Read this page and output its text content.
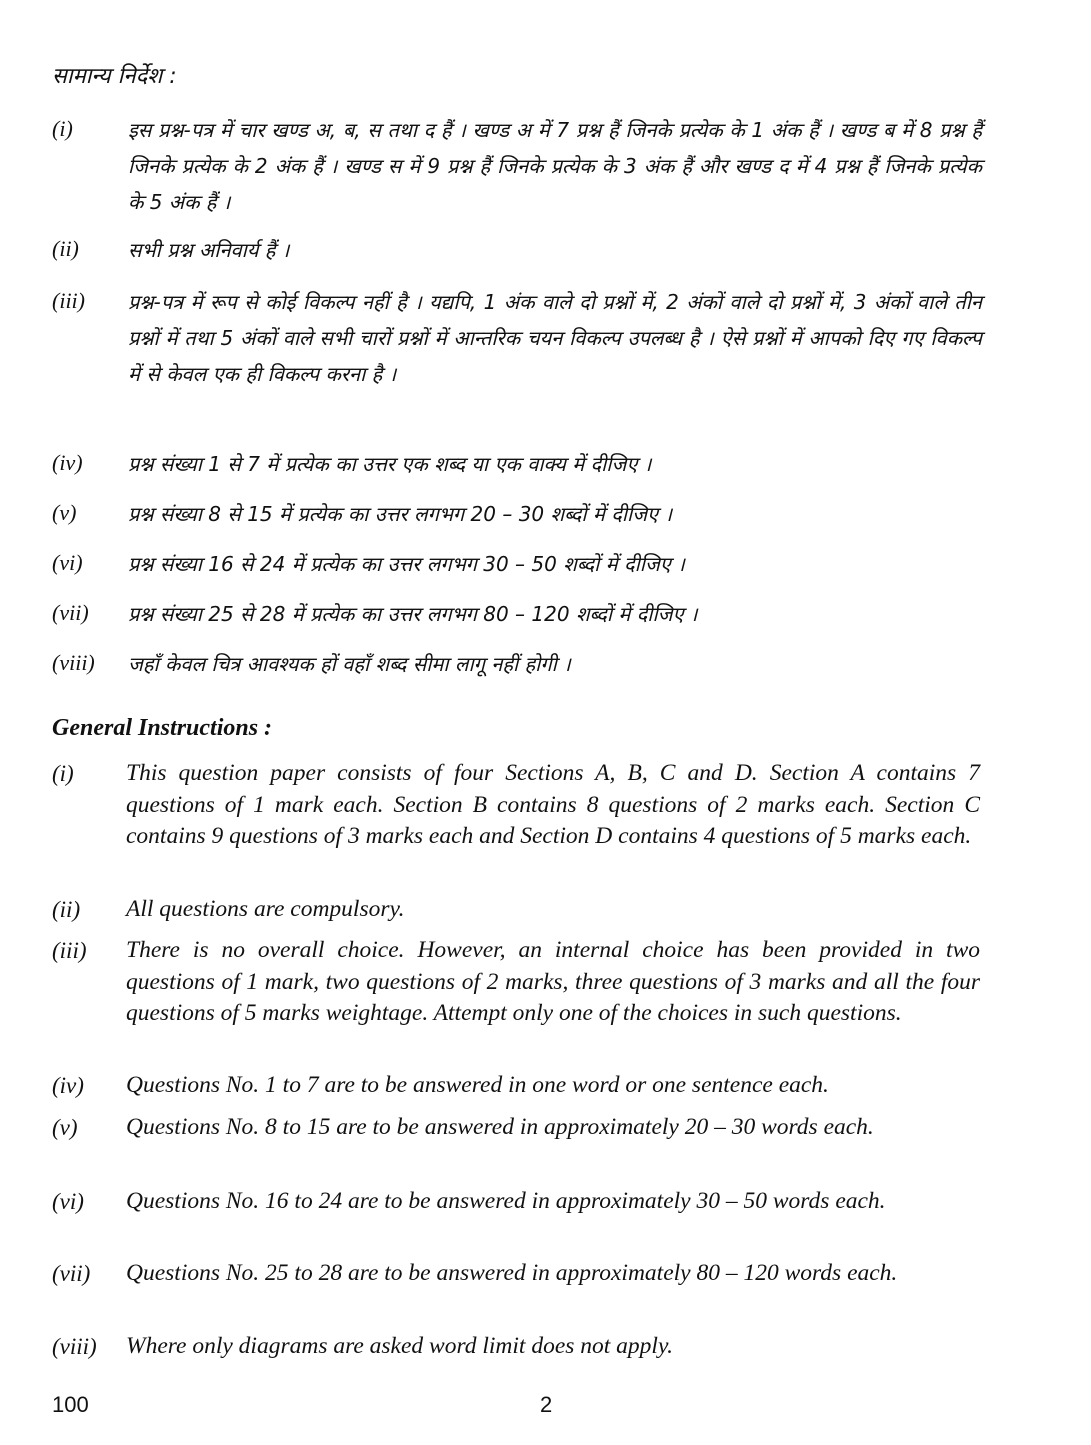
सामान्य निर्देश :
(i)	इस प्रश्न-पत्र में चार खण्ड अ, ब, स तथा द हैं । खण्ड अ में 7 प्रश्न हैं जिनके प्रत्येक के 1 अंक हैं । खण्ड ब में 8 प्रश्न हैं जिनके प्रत्येक के 2 अंक हैं । खण्ड स में 9 प्रश्न हैं जिनके प्रत्येक के 3 अंक हैं और खण्ड द में 4 प्रश्न हैं जिनके प्रत्येक के 5 अंक हैं ।
(ii) सभी प्रश्न अनिवार्य हैं ।
(iii) प्रश्न-पत्र में रूप से कोई विकल्प नहीं है । यद्यपि, 1 अंक वाले दो प्रश्नों में, 2 अंकों वाले दो प्रश्नों में, 3 अंकों वाले तीन प्रश्नों में तथा 5 अंकों वाले सभी चारों प्रश्नों में आन्तरिक चयन विकल्प उपलब्ध है । ऐसे प्रश्नों में आपको दिए गए विकल्प में से केवल एक ही विकल्प करना है ।
(iv) प्रश्न संख्या 1 से 7 में प्रत्येक का उत्तर एक शब्द या एक वाक्य में दीजिए ।
(v)	प्रश्न संख्या 8 से 15 में प्रत्येक का उत्तर लगभग 20 – 30 शब्दों में दीजिए ।
(vi) प्रश्न संख्या 16 से 24 में प्रत्येक का उत्तर लगभग 30 – 50 शब्दों में दीजिए ।
(vii) प्रश्न संख्या 25 से 28 में प्रत्येक का उत्तर लगभग 80 – 120 शब्दों में दीजिए ।
(viii) जहाँ केवल चित्र आवश्यक हों वहाँ शब्द सीमा लागू नहीं होगी ।
General Instructions :
(i) This question paper consists of four Sections A, B, C and D. Section A contains 7 questions of 1 mark each. Section B contains 8 questions of 2 marks each. Section C contains 9 questions of 3 marks each and Section D contains 4 questions of 5 marks each.
(ii) All questions are compulsory.
(iii) There is no overall choice. However, an internal choice has been provided in two questions of 1 mark, two questions of 2 marks, three questions of 3 marks and all the four questions of 5 marks weightage. Attempt only one of the choices in such questions.
(iv) Questions No. 1 to 7 are to be answered in one word or one sentence each.
(v) Questions No. 8 to 15 are to be answered in approximately 20 – 30 words each.
(vi) Questions No. 16 to 24 are to be answered in approximately 30 – 50 words each.
(vii) Questions No. 25 to 28 are to be answered in approximately 80 – 120 words each.
(viii) Where only diagrams are asked word limit does not apply.
100	2
